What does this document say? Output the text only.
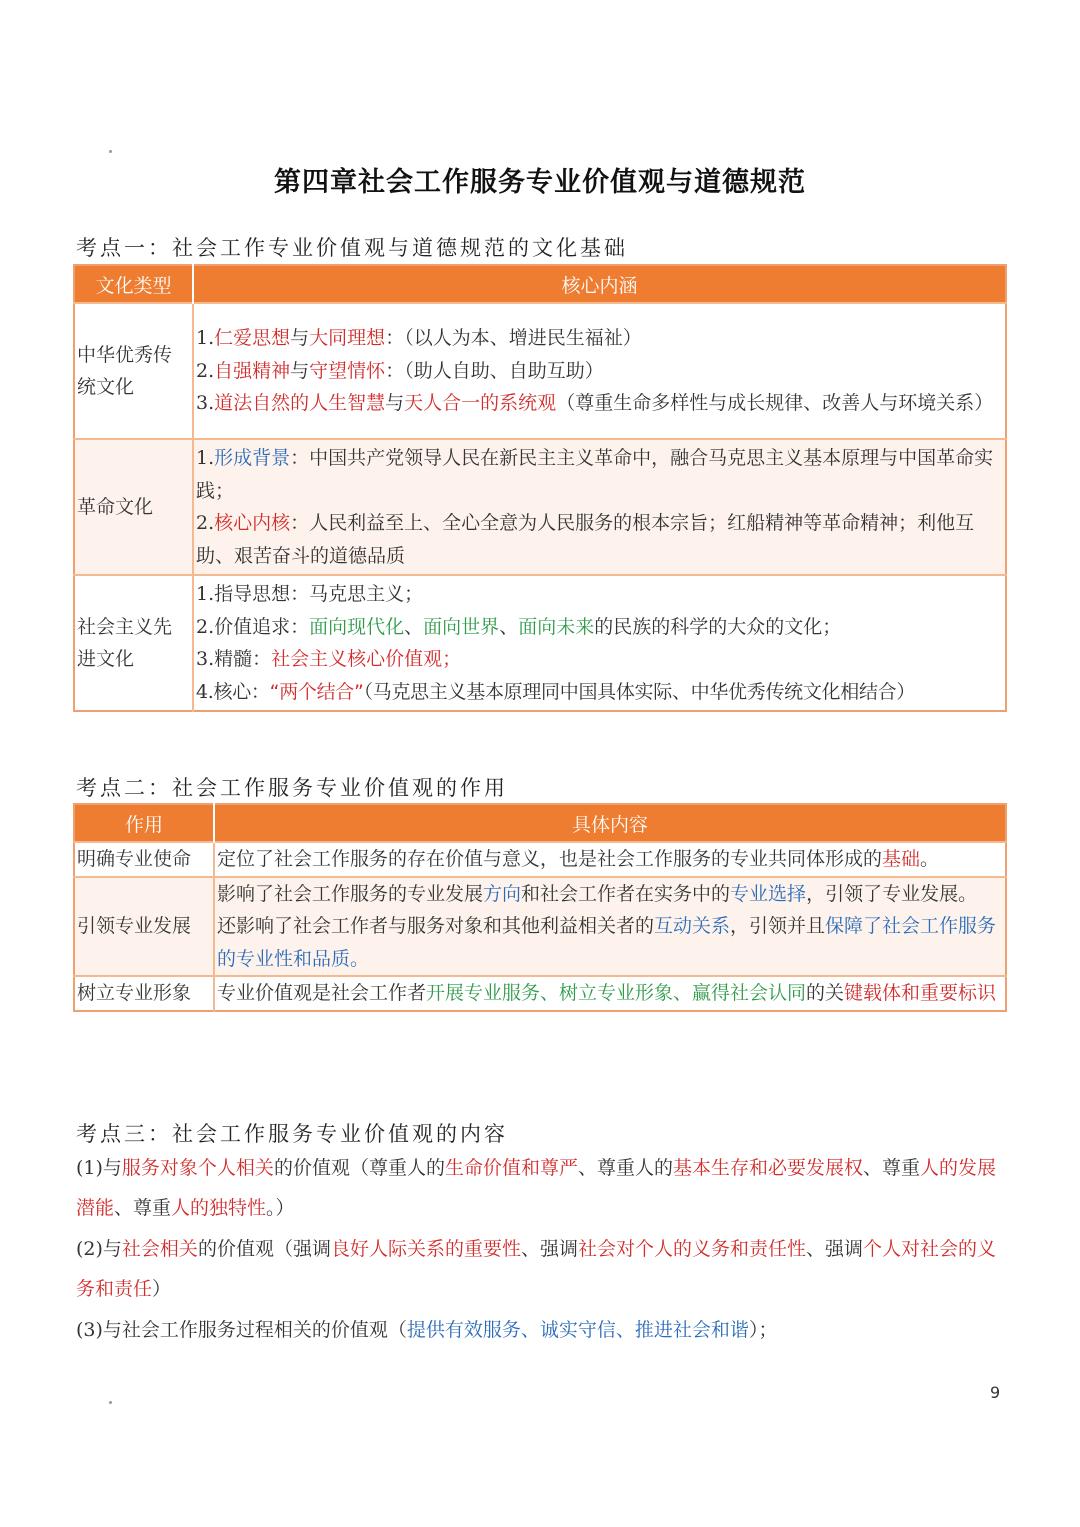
第四章社会工作服务专业价值观与道德规范
考点一：社会工作专业价值观与道德规范的文化基础
文化类型	核心内涵
中华优秀传统文化	1.仁爱思想与大同理想：（以人为本、增进民生福祉）
2.自强精神与守望情怀：（助人自助、自助互助）
3.道法自然的人生智慧与天人合一的系统观（尊重生命多样性与成长规律、改善人与环境关系）

革命文化	1.形成背景：中国共产党领导人民在新民主主义革命中，融合马克思主义基本原理与中国革命实践；
2.核心内核：人民利益至上、全心全意为人民服务的根本宗旨；红船精神等革命精神；利他互助、艰苦奋斗的道德品质

社会主义先进文化	1.指导思想：马克思主义；
2.价值追求：面向现代化、面向世界、面向未来的民族的科学的大众的文化；
3.精髓：社会主义核心价值观；
4.核心：“两个结合”（马克思主义基本原理同中国具体实际、中华优秀传统文化相结合）
考点二：社会工作服务专业价值观的作用
作用	具体内容
明确专业使命	定位了社会工作服务的存在价值与意义，也是社会工作服务的专业共同体形成的基础。
引领专业发展	影响了社会工作服务的专业发展方向和社会工作者在实务中的专业选择，引领了专业发展。
还影响了社会工作者与服务对象和其他利益相关者的互动关系，引领并且保障了社会工作服务的专业性和品质。

树立专业形象	专业价值观是社会工作者开展专业服务、树立专业形象、赢得社会认同的关键载体和重要标识
考点三：社会工作服务专业价值观的内容
(1)与服务对象个人相关的价值观（尊重人的生命价值和尊严、尊重人的基本生存和必要发展权、尊重人的发展潜能、尊重人的独特性。）
(2)与社会相关的价值观（强调良好人际关系的重要性、强调社会对个人的义务和责任性、强调个人对社会的义务和责任）
(3)与社会工作服务过程相关的价值观（提供有效服务、诚实守信、推进社会和谐）；
9
